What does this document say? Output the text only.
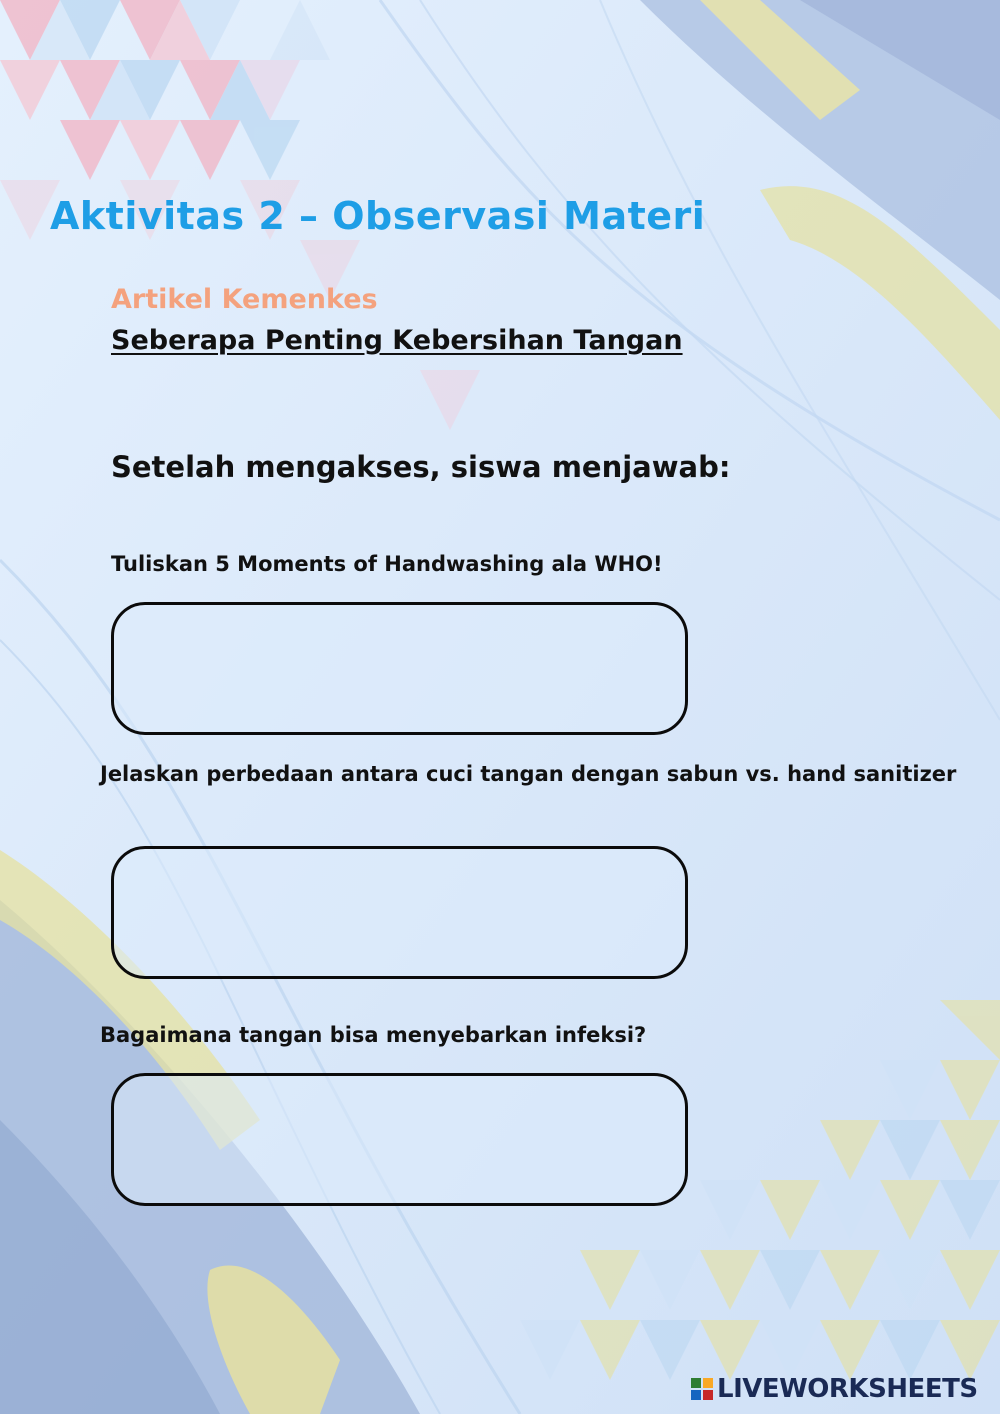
Aktivitas 2 – Observasi Materi
Artikel Kemenkes
Seberapa Penting Kebersihan Tangan
Setelah mengakses, siswa menjawab:
Tuliskan 5 Moments of Handwashing ala WHO!
Jelaskan perbedaan antara cuci tangan dengan sabun vs. hand sanitizer
Bagaimana tangan bisa menyebarkan infeksi?
LIVEWORKSHEETS
